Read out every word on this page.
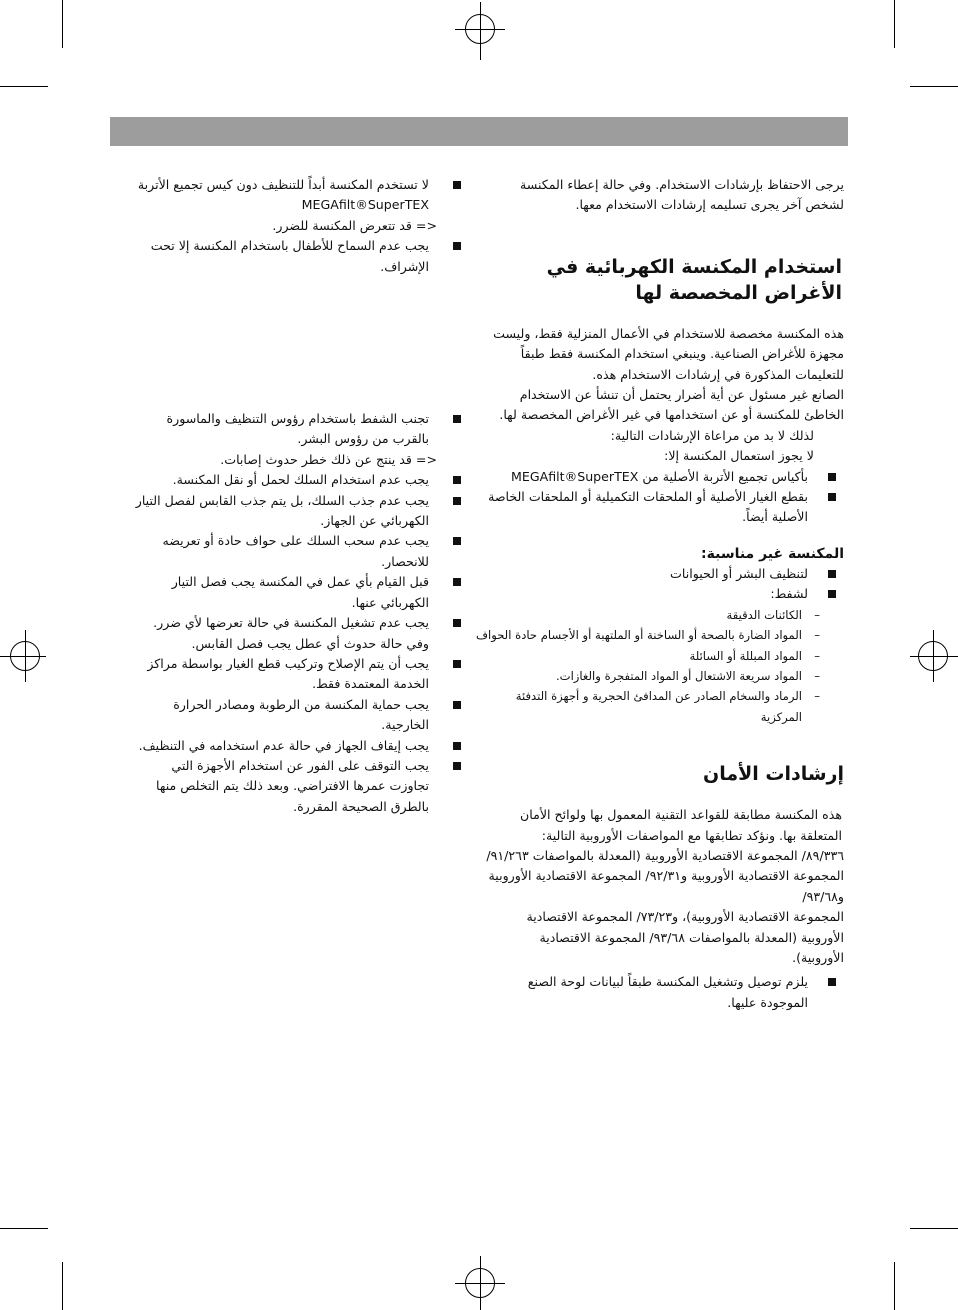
يرجى الاحتفاظ بإرشادات الاستخدام. وفي حالة إعطاء المكنسة لشخص آخر يجرى تسليمه إرشادات الاستخدام معها.

استخدام المكنسة الكهربائية في الأغراض المخصصة لها

هذه المكنسة مخصصة للاستخدام في الأعمال المنزلية فقط، وليست مجهزة للأغراض الصناعية. وينبغي استخدام المكنسة فقط طبقاً للتعليمات المذكورة في إرشادات الاستخدام هذه.

الصانع غير مسئول عن أية أضرار يحتمل أن تنشأ عن الاستخدام الخاطئ للمكنسة أو عن استخدامها في غير الأغراض المخصصة لها.

لذلك لا بد من مراعاة الإرشادات التالية:

لا يجوز استعمال المكنسة إلا:

بأكياس تجميع الأتربة الأصلية من MEGAfilt®SuperTEX
بقطع الغيار الأصلية أو الملحقات التكميلية أو الملحقات الخاصة الأصلية أيضاً.

المكنسة غير مناسبة:

لتنظيف البشر أو الحيوانات
لشفط:
–
الكائنات الدقيقة
–
المواد الضارة بالصحة أو الساخنة أو الملتهبة أو الأجسام حادة الحواف
–
المواد المبللة أو السائلة
–
المواد سريعة الاشتعال أو المواد المتفجرة والغازات.
–
الرماد والسخام الصادر عن المدافئ الحجرية و أجهزة التدفئة المركزية

إرشادات الأمان

هذه المكنسة مطابقة للقواعد التقنية المعمول بها ولوائح الأمان المتعلقة بها. ونؤكد تطابقها مع المواصفات الأوروبية التالية:

٨٩/٣٣٦/ المجموعة الاقتصادية الأوروبية (المعدلة بالمواصفات ٩١/٢٦٣/المجموعة الاقتصادية الأوروبية و٩٢/٣١/ المجموعة الاقتصادية الأوروبية و٩٣/٦٨/

المجموعة الاقتصادية الأوروبية)، و٧٣/٢٣/ المجموعة الاقتصادية الأوروبية (المعدلة بالمواصفات ٩٣/٦٨/ المجموعة الاقتصادية الأوروبية).

يلزم توصيل وتشغيل المكنسة طبقاً لبيانات لوحة الصنع الموجودة عليها.
لا تستخدم المكنسة أبداً للتنظيف دون كيس تجميع الأتربة MEGAfilt®SuperTEX

<= قد تتعرض المكنسة للضرر.

يجب عدم السماح للأطفال باستخدام المكنسة إلا تحت الإشراف.
تجنب الشفط باستخدام رؤوس التنظيف والماسورة بالقرب من رؤوس البشر.

<= قد ينتج عن ذلك خطر حدوث إصابات.

يجب عدم استخدام السلك لحمل أو نقل المكنسة.
يجب عدم جذب السلك، بل يتم جذب القابس لفصل التيار الكهربائي عن الجهاز.
يجب عدم سحب السلك على حواف حادة أو تعريضه للانحصار.
قبل القيام بأي عمل في المكنسة يجب فصل التيار الكهربائي عنها.
يجب عدم تشغيل المكنسة في حالة تعرضها لأي ضرر. وفي حالة حدوث أي عطل يجب فصل القابس.
يجب أن يتم الإصلاح وتركيب قطع الغيار بواسطة مراكز الخدمة المعتمدة فقط.
يجب حماية المكنسة من الرطوبة ومصادر الحرارة الخارجية.
يجب إيقاف الجهاز في حالة عدم استخدامه في التنظيف.
يجب التوقف على الفور عن استخدام الأجهزة التي تجاوزت عمرها الافتراضي. وبعد ذلك يتم التخلص منها بالطرق الصحيحة المقررة.
